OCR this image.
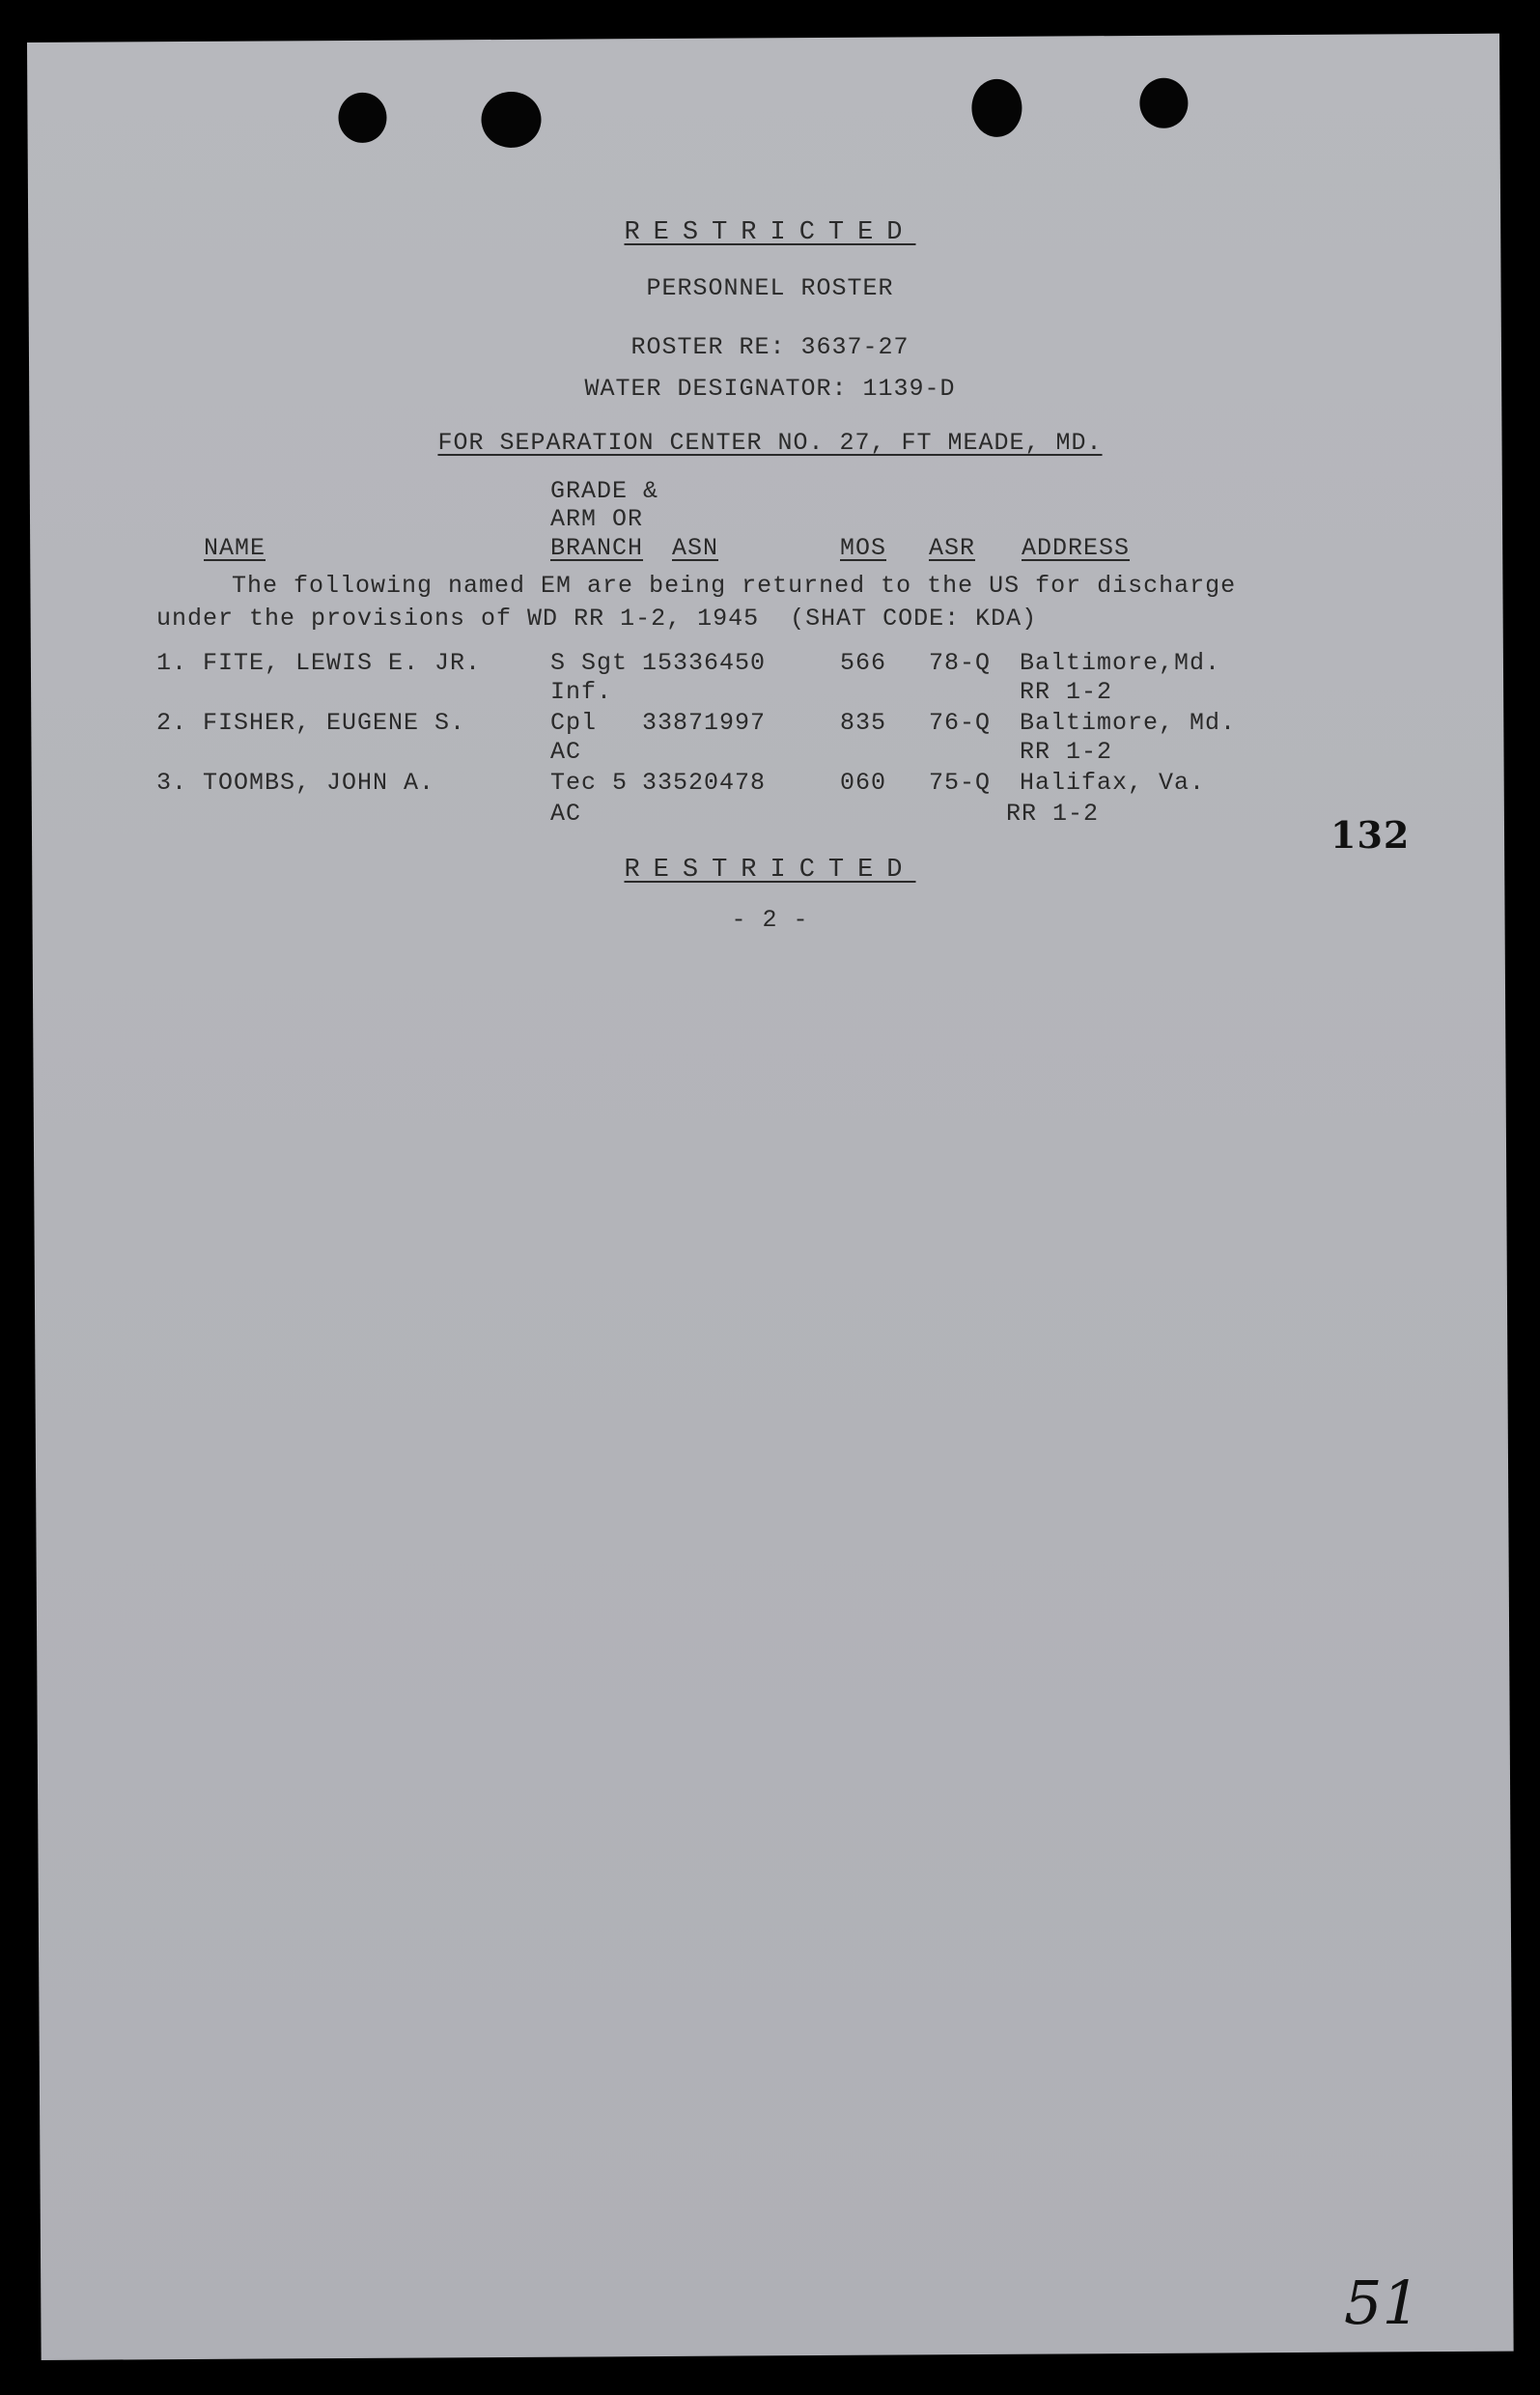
RESTRICTED
PERSONNEL ROSTER
ROSTER RE: 3637-27
WATER DESIGNATOR: 1139-D
FOR SEPARATION CENTER NO. 27, FT MEADE, MD.
GRADE &
ARM OR
NAME	BRANCH ASN	MOS ASR ADDRESS
The following named EM are being returned to the US for discharge
under the provisions of WD RR 1-2, 1945  (SHAT CODE: KDA)
1. FITE, LEWIS E. JR.	S Sgt 15336450	566 78-Q Baltimore,Md.
Inf.	RR 1-2
2. FISHER, EUGENE S.	Cpl 33871997	835 76-Q Baltimore, Md.
AC	RR 1-2
3. TOOMBS, JOHN A.	Tec 5 33520478	060 75-Q Halifax, Va.
AC	RR 1-2	132
RESTRICTED
- 2 -
51
